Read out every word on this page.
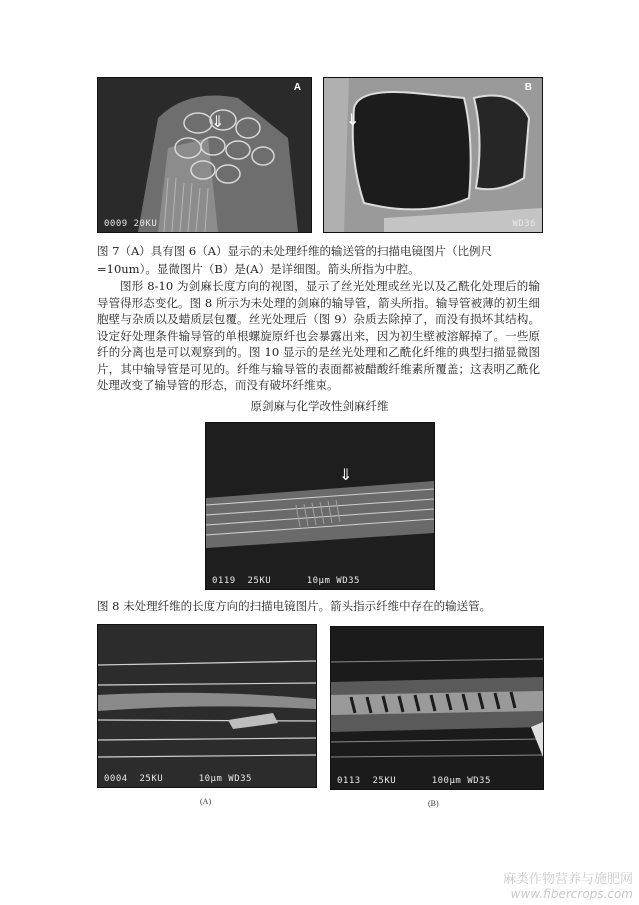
⇓
A
0009 20KU
⇓
B
WD36
图 7（A）具有图 6（A）显示的未处理纤维的输送管的扫描电镜图片（比例尺=10um）。显微图片（B）是(A）是详细图。箭头所指为中腔。
图形 8-10 为剑麻长度方向的视图，显示了丝光处理或丝光以及乙酰化处理后的输导管得形态变化。图 8 所示为未处理的剑麻的输导管，箭头所指。输导管被薄的初生细胞壁与杂质以及蜡质层包覆。丝光处理后（图 9）杂质去除掉了，而没有损坏其结构。设定好处理条件输导管的单根螺旋原纤也会暴露出来，因为初生壁被溶解掉了。一些原纤的分离也是可以观察到的。图 10 显示的是丝光处理和乙酰化纤维的典型扫描显微图片，其中输导管是可见的。纤维与输导管的表面都被醋酸纤维素所覆盖；这表明乙酰化处理改变了输导管的形态，而没有破坏纤维束。
原剑麻与化学改性剑麻纤维
⇓
0119  25KU      10μm WD35
图 8 未处理纤维的长度方向的扫描电镜图片。箭头指示纤维中存在的输送管。
0004  25KU      10μm WD35	0113  25KU      100μm WD35
(A)	(B)
麻类作物营养与施肥网
www.fibercrops.com
